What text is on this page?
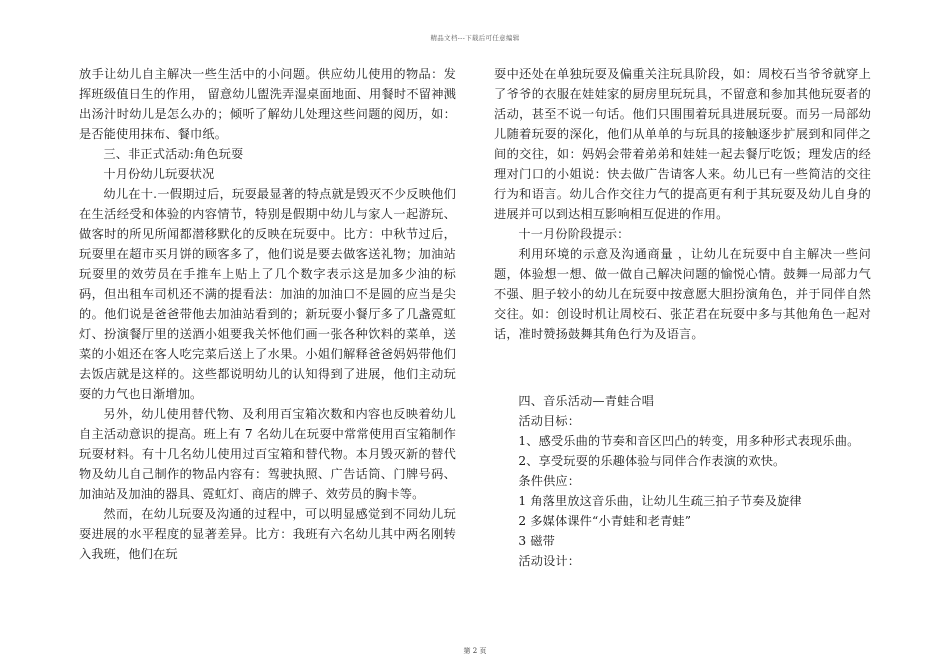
精品文档---下载后可任意编辑

放手让幼儿自主解决一些生活中的小问题。供应幼儿使用的物品：发挥班级值日生的作用， 留意幼儿盥洗弄湿桌面地面、用餐时不留神溅出汤汁时幼儿是怎么办的；倾听了解幼儿处理这些问题的阅历，如：是否能使用抹布、餐巾纸。

三、非正式活动:角色玩耍

十月份幼儿玩耍状况

幼儿在十.一假期过后，玩耍最显著的特点就是毁灭不少反映他们在生活经受和体验的内容情节，特别是假期中幼儿与家人一起游玩、做客时的所见所闻都潜移默化的反映在玩耍中。比方：中秋节过后，玩耍里在超市买月饼的顾客多了，他们说是要去做客送礼物；加油站玩耍里的效劳员在手推车上贴上了几个数字表示这是加多少油的标码，但出租车司机还不满的提看法：加油的加油口不是圆的应当是尖的。他们说是爸爸带他去加油站看到的；新玩耍小餐厅多了几盏霓虹灯、扮演餐厅里的送酒小姐要我关怀他们画一张各种饮料的菜单，送菜的小姐还在客人吃完菜后送上了水果。小姐们解释爸爸妈妈带他们去饭店就是这样的。这些都说明幼儿的认知得到了进展，他们主动玩耍的力气也日渐增加。

另外，幼儿使用替代物、及利用百宝箱次数和内容也反映着幼儿自主活动意识的提高。班上有 7 名幼儿在玩耍中常常使用百宝箱制作玩耍材料。有十几名幼儿使用过百宝箱和替代物。本月毁灭新的替代物及幼儿自己制作的物品内容有：驾驶执照、广告话筒、门牌号码、加油站及加油的器具、霓虹灯、商店的牌子、效劳员的胸卡等。

然而，在幼儿玩耍及沟通的过程中，可以明显感觉到不同幼儿玩耍进展的水平程度的显著差异。比方：我班有六名幼儿其中两名刚转入我班，他们在玩

耍中还处在单独玩耍及偏重关注玩具阶段，如：周校石当爷爷就穿上了爷爷的衣服在娃娃家的厨房里玩玩具，不留意和参加其他玩耍者的活动，甚至不说一句话。他们只围围着玩具进展玩耍。而另一局部幼儿随着玩耍的深化，他们从单单的与玩具的接触逐步扩展到和同伴之间的交往，如：妈妈会带着弟弟和娃娃一起去餐厅吃饭；理发店的经理对门口的小姐说：快去做广告请客人来。幼儿已有一些简洁的交往行为和语言。幼儿合作交往力气的提高更有利于其玩耍及幼儿自身的进展并可以到达相互影响相互促进的作用。

十一月份阶段提示：

利用环境的示意及沟通商量 ，让幼儿在玩耍中自主解决一些问题，体验想一想、做一做自己解决问题的愉悦心情。鼓舞一局部力气不强、胆子较小的幼儿在玩耍中按意愿大胆扮演角色，并于同伴自然交往。如：创设时机让周校石、张芷君在玩耍中多与其他角色一起对话，准时赞扬鼓舞其角色行为及语言。

四、音乐活动—青蛙合唱

活动目标：

1、感受乐曲的节奏和音区凹凸的转变，用多种形式表现乐曲。

2、享受玩耍的乐趣体验与同伴合作表演的欢快。

条件供应：

1 角落里放这音乐曲，让幼儿生疏三拍子节奏及旋律

2 多媒体课件“小青蛙和老青蛙”

3 磁带

活动设计：

第 2 页
